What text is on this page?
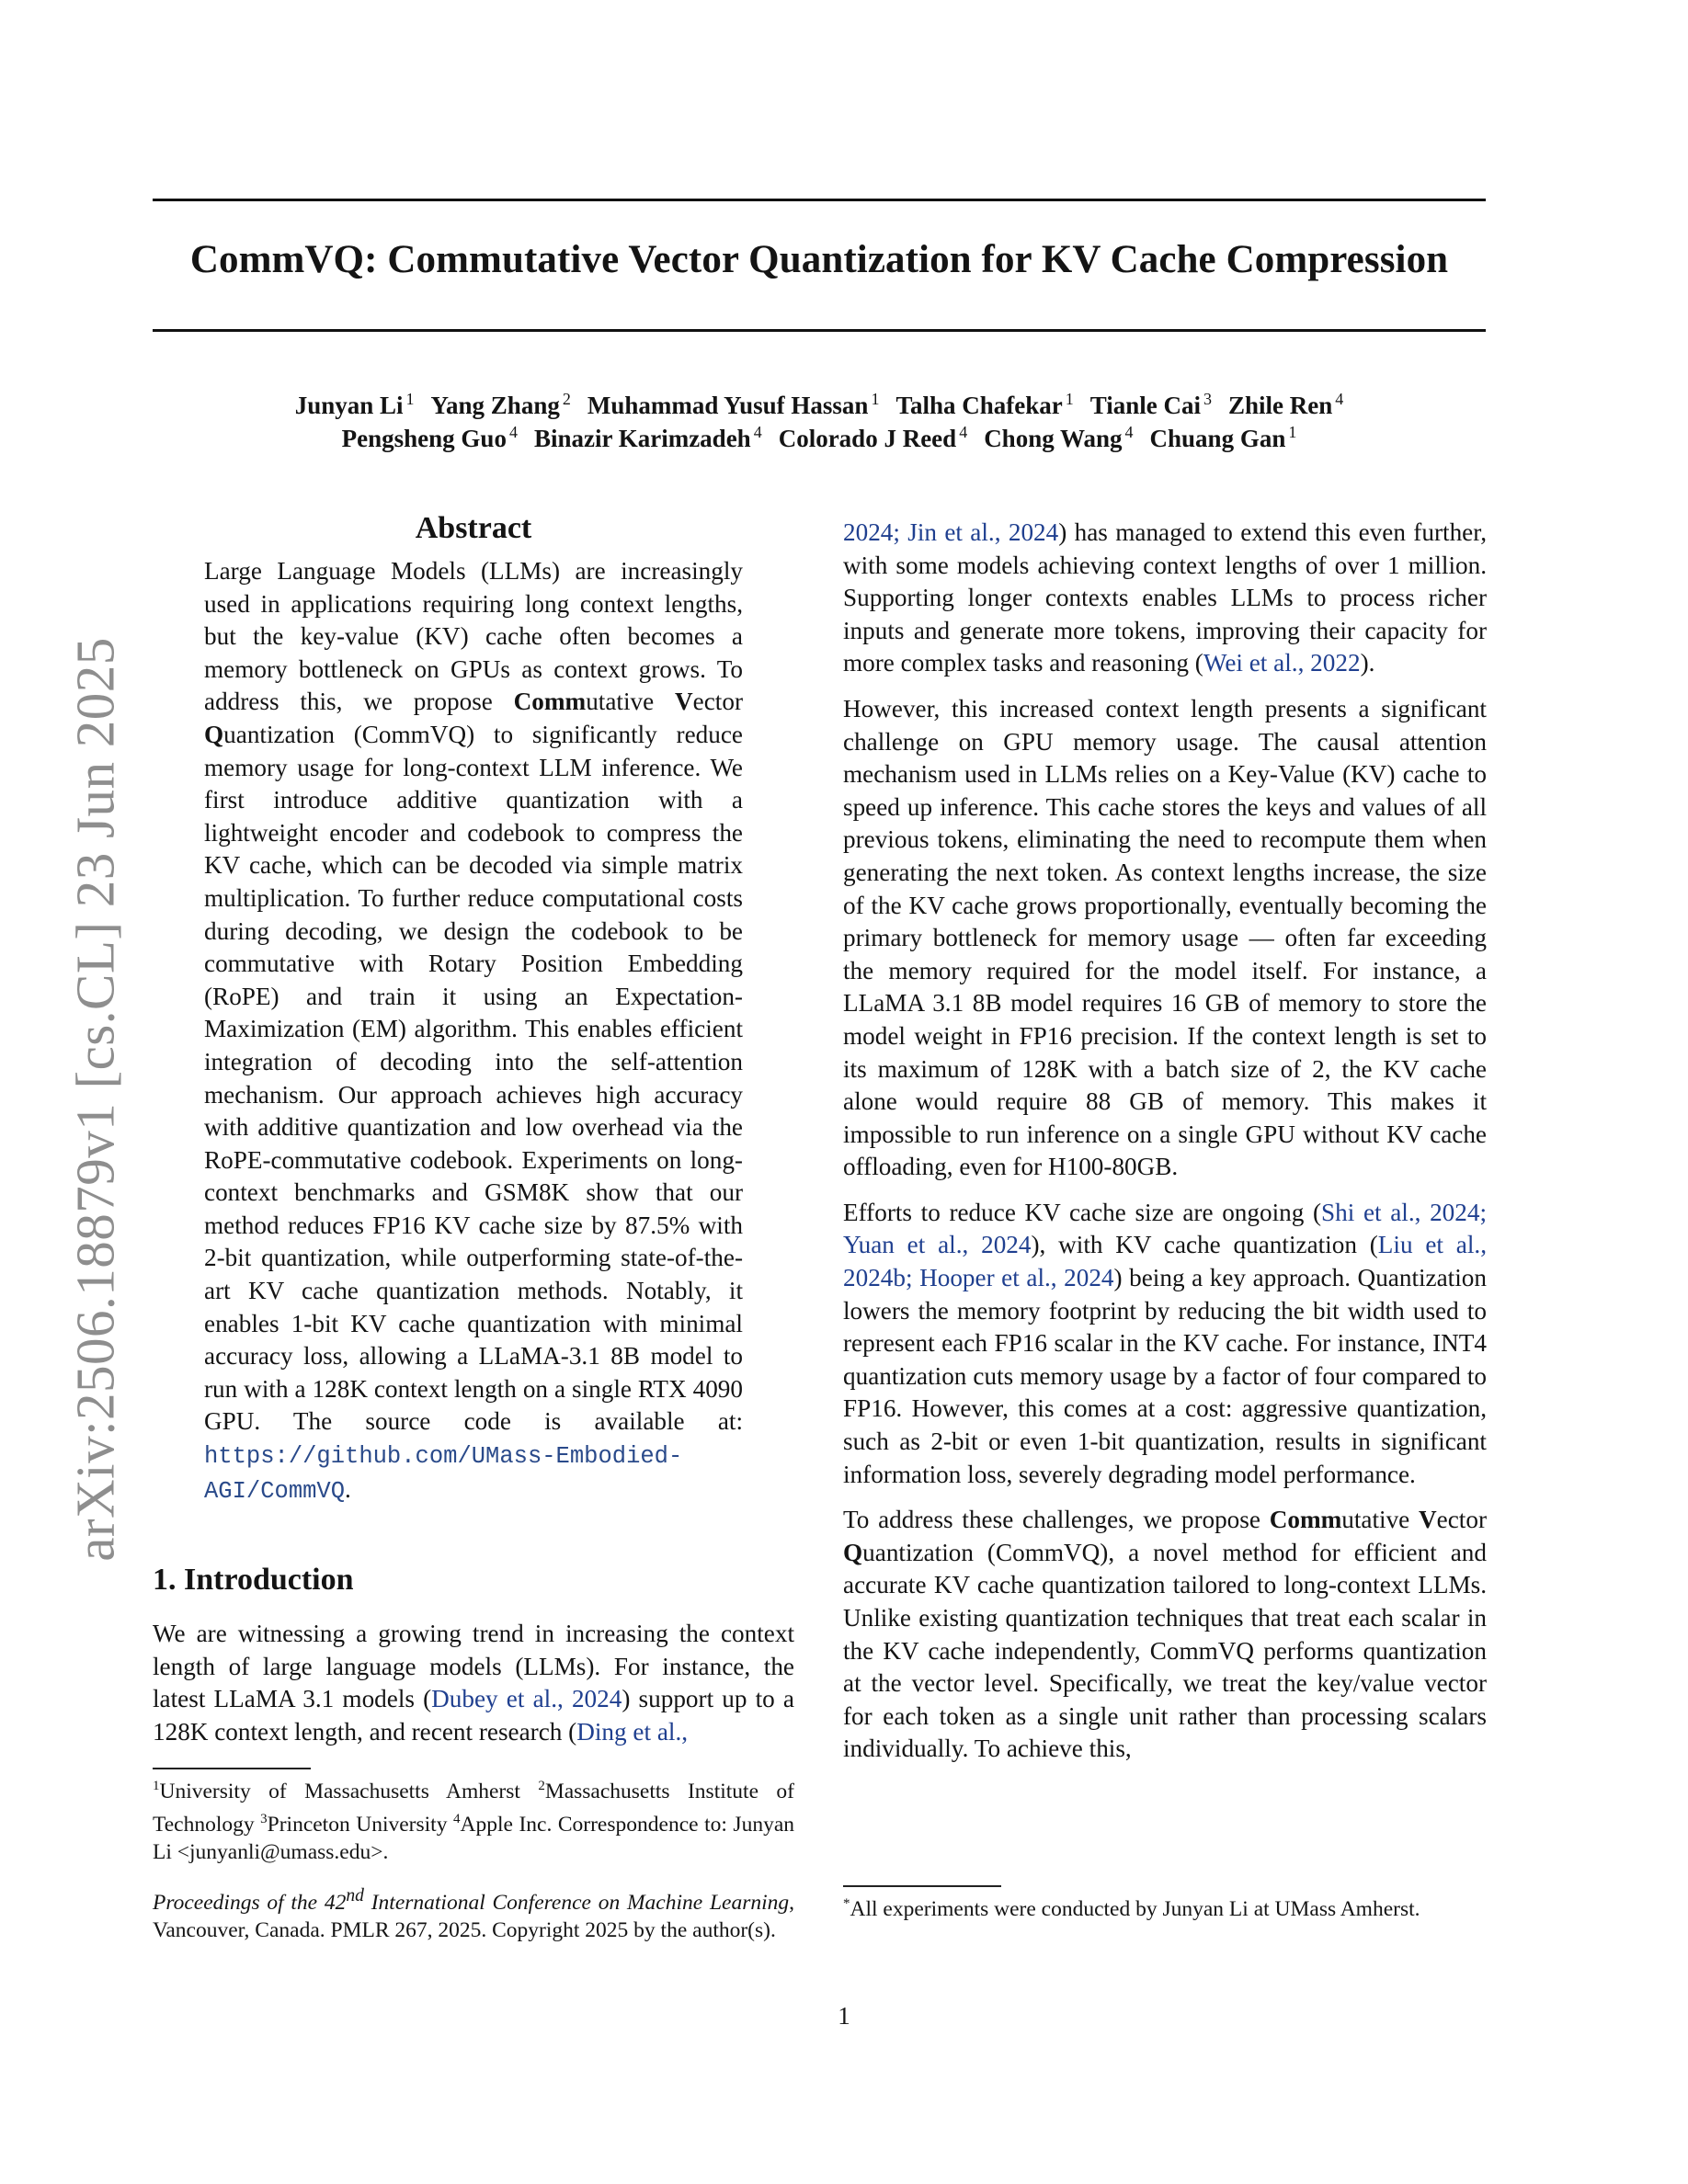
arXiv:2506.18879v1 [cs.CL] 23 Jun 2025
CommVQ: Commutative Vector Quantization for KV Cache Compression
Junyan Li $^1$ Yang Zhang $^2$ Muhammad Yusuf Hassan $^1$ Talha Chafekar $^1$ Tianle Cai $^3$ Zhile Ren $^4$
Pengsheng Guo $^4$ Binazir Karimzadeh $^4$ Colorado J Reed $^4$ Chong Wang $^4$ Chuang Gan $^1$
Abstract

Large Language Models (LLMs) are increasingly used in applications requiring long context lengths, but the key-value (KV) cache often becomes a memory bottleneck on GPUs as context grows. To address this, we propose Commutative Vector Quantization (CommVQ) to significantly reduce memory usage for long-context LLM inference. We first introduce additive quantization with a lightweight encoder and codebook to compress the KV cache, which can be decoded via simple matrix multiplication. To further reduce computational costs during decoding, we design the codebook to be commutative with Rotary Position Embedding (RoPE) and train it using an Expectation-Maximization (EM) algorithm. This enables efficient integration of decoding into the self-attention mechanism. Our approach achieves high accuracy with additive quantization and low overhead via the RoPE-commutative codebook. Experiments on long-context benchmarks and GSM8K show that our method reduces FP16 KV cache size by 87.5% with 2-bit quantization, while outperforming state-of-the-art KV cache quantization methods. Notably, it enables 1-bit KV cache quantization with minimal accuracy loss, allowing a LLaMA-3.1 8B model to run with a 128K context length on a single RTX 4090 GPU. The source code is available at: https://github.com/UMass-Embodied-AGI/CommVQ.

1. Introduction

We are witnessing a growing trend in increasing the context length of large language models (LLMs). For instance, the latest LLaMA 3.1 models (Dubey et al., 2024) support up to a 128K context length, and recent research (Ding et al.,

$^1$University of Massachusetts Amherst $^2$Massachusetts Institute of Technology $^3$Princeton University $^4$Apple Inc. Correspondence to: Junyan Li <junyanli@umass.edu>.
Proceedings of the 42nd International Conference on Machine Learning, Vancouver, Canada. PMLR 267, 2025. Copyright 2025 by the author(s).

2024; Jin et al., 2024) has managed to extend this even further, with some models achieving context lengths of over 1 million. Supporting longer contexts enables LLMs to process richer inputs and generate more tokens, improving their capacity for more complex tasks and reasoning (Wei et al., 2022).

However, this increased context length presents a significant challenge on GPU memory usage. The causal attention mechanism used in LLMs relies on a Key-Value (KV) cache to speed up inference. This cache stores the keys and values of all previous tokens, eliminating the need to recompute them when generating the next token. As context lengths increase, the size of the KV cache grows proportionally, eventually becoming the primary bottleneck for memory usage — often far exceeding the memory required for the model itself. For instance, a LLaMA 3.1 8B model requires 16 GB of memory to store the model weight in FP16 precision. If the context length is set to its maximum of 128K with a batch size of 2, the KV cache alone would require 88 GB of memory. This makes it impossible to run inference on a single GPU without KV cache offloading, even for H100-80GB.

Efforts to reduce KV cache size are ongoing (Shi et al., 2024; Yuan et al., 2024), with KV cache quantization (Liu et al., 2024b; Hooper et al., 2024) being a key approach. Quantization lowers the memory footprint by reducing the bit width used to represent each FP16 scalar in the KV cache. For instance, INT4 quantization cuts memory usage by a factor of four compared to FP16. However, this comes at a cost: aggressive quantization, such as 2-bit or even 1-bit quantization, results in significant information loss, severely degrading model performance.

To address these challenges, we propose Commutative Vector Quantization (CommVQ), a novel method for efficient and accurate KV cache quantization tailored to long-context LLMs. Unlike existing quantization techniques that treat each scalar in the KV cache independently, CommVQ performs quantization at the vector level. Specifically, we treat the key/value vector for each token as a single unit rather than processing scalars individually. To achieve this,

*All experiments were conducted by Junyan Li at UMass Amherst.
1
